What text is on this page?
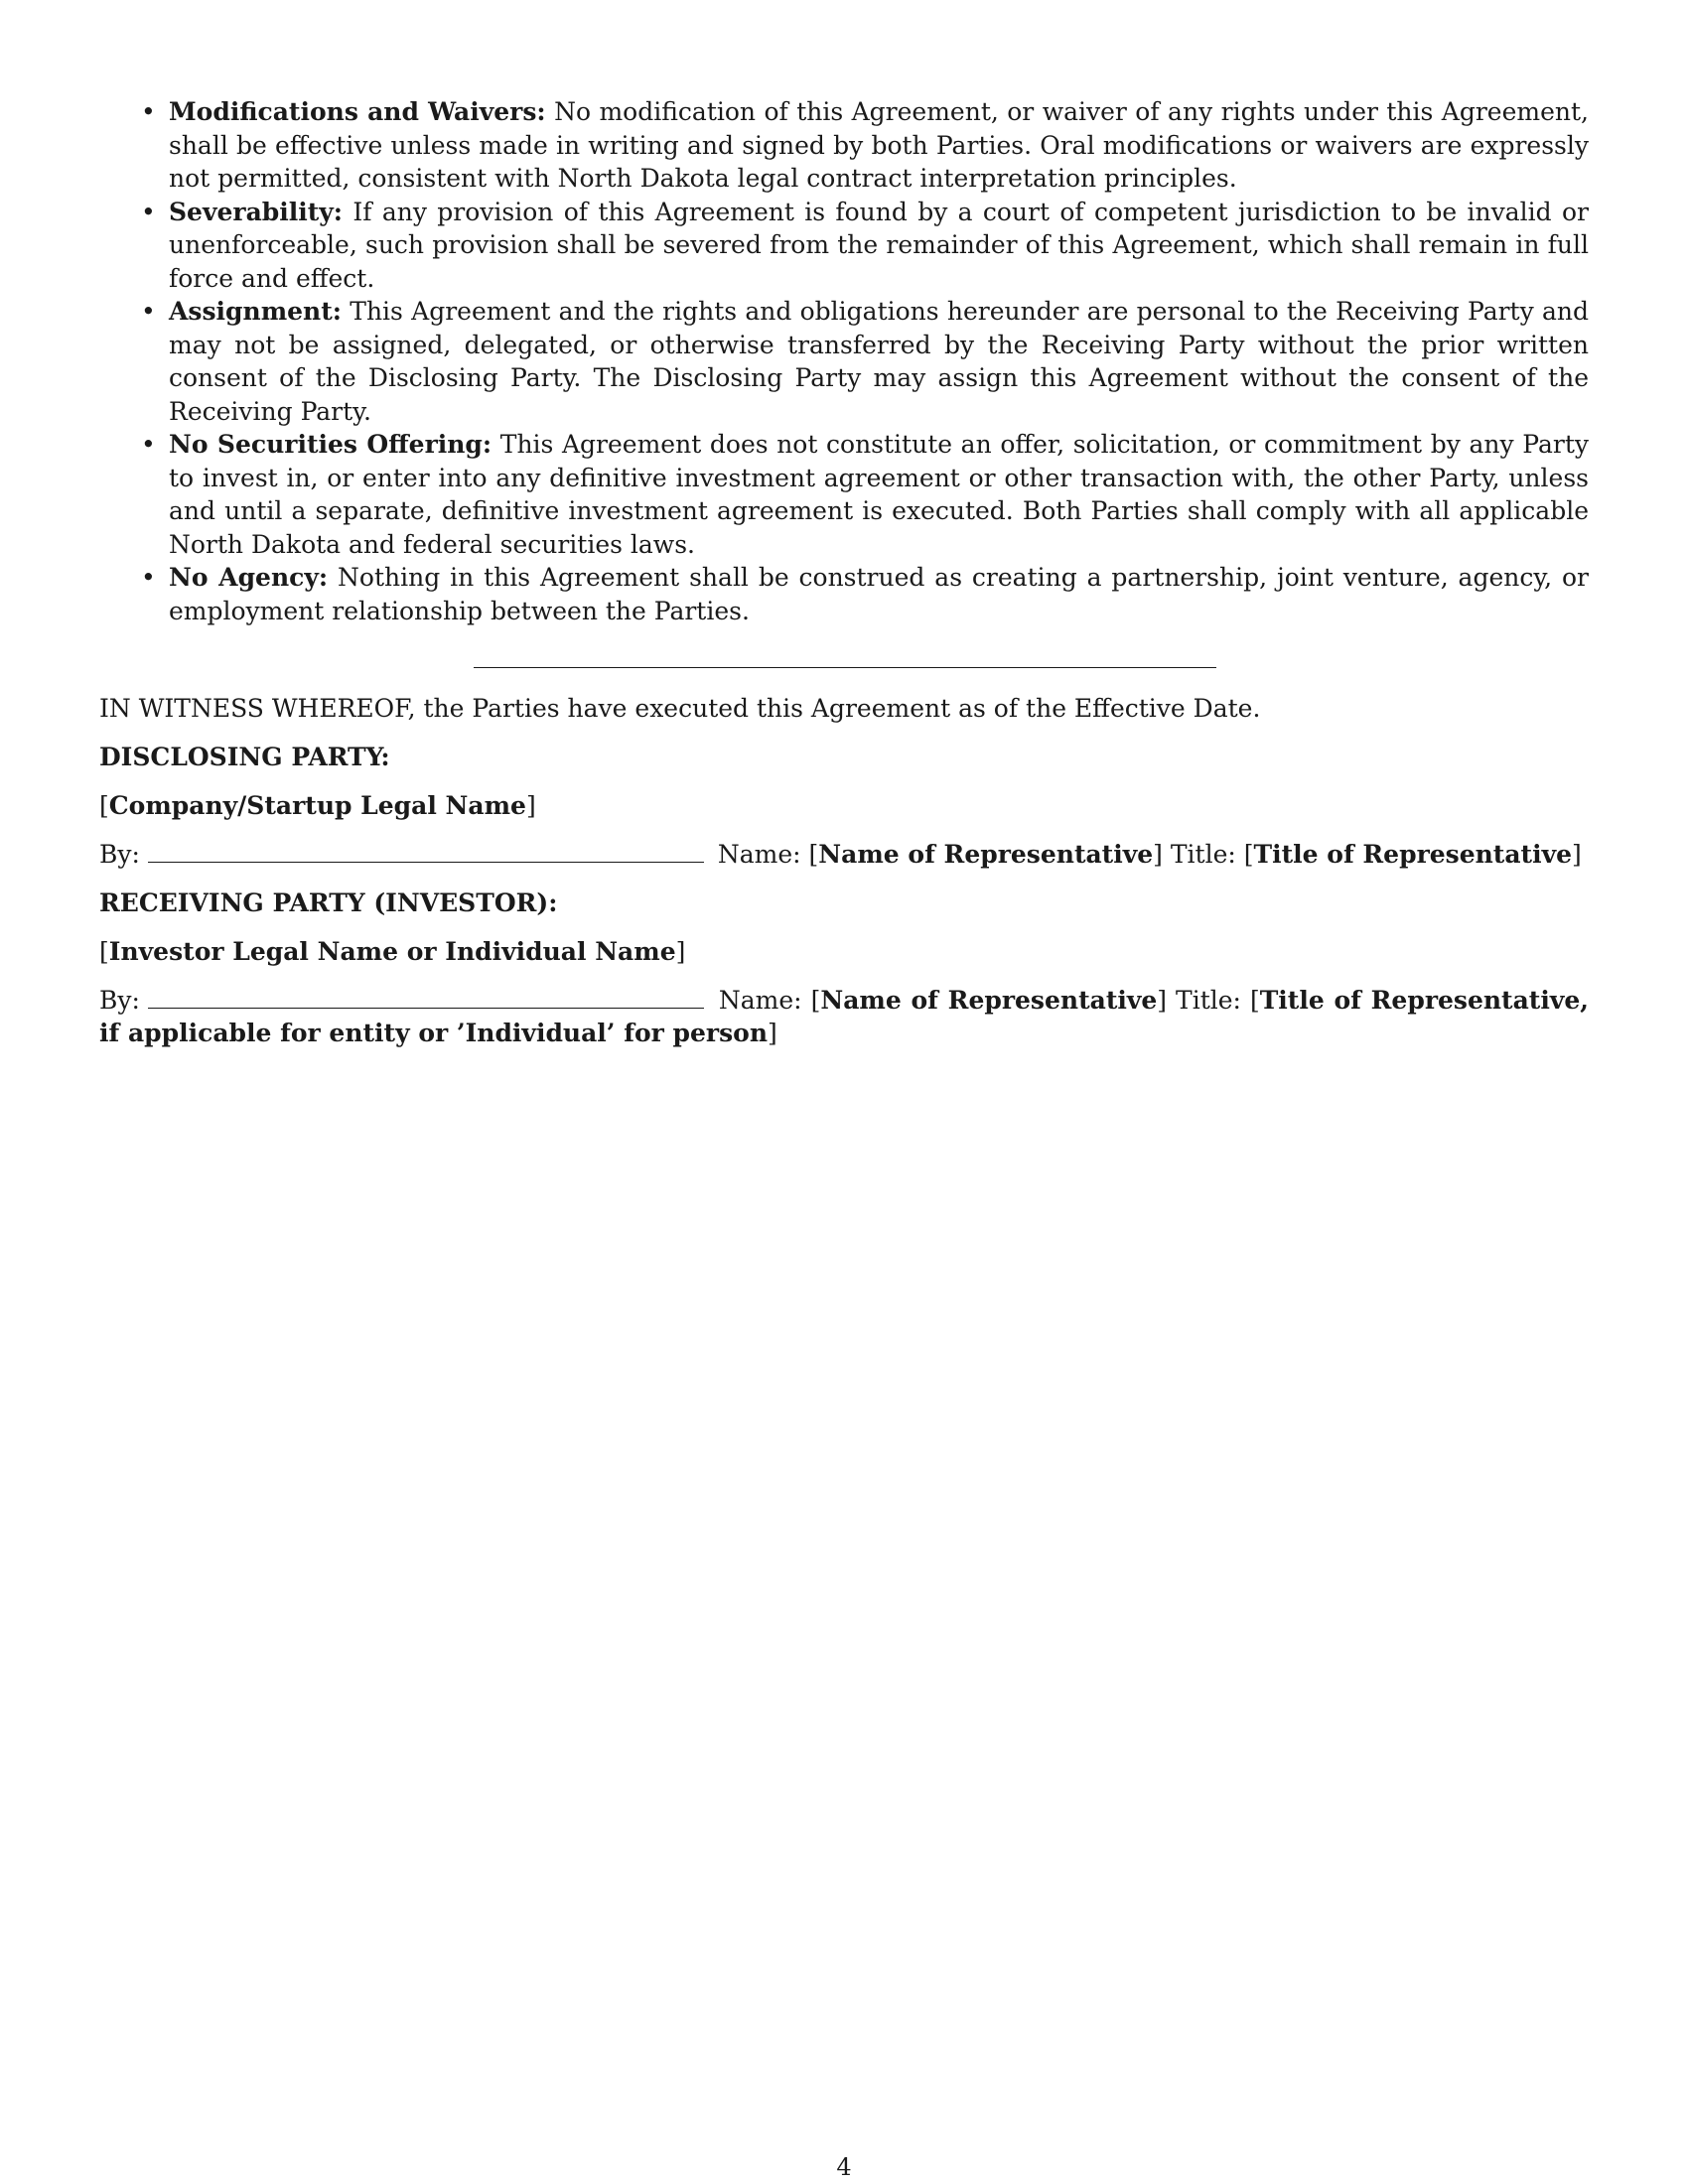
• Modifications and Waivers: No modification of this Agreement, or waiver of any rights under this Agreement, shall be effective unless made in writing and signed by both Parties. Oral modifications or waivers are expressly not permitted, consistent with North Dakota legal contract interpretation principles.
• Severability: If any provision of this Agreement is found by a court of competent jurisdiction to be invalid or unenforceable, such provision shall be severed from the remainder of this Agreement, which shall remain in full force and effect.
• Assignment: This Agreement and the rights and obligations hereunder are personal to the Receiving Party and may not be assigned, delegated, or otherwise transferred by the Receiving Party without the prior written consent of the Disclosing Party. The Disclosing Party may assign this Agreement without the consent of the Receiving Party.
• No Securities Offering: This Agreement does not constitute an offer, solicitation, or commitment by any Party to invest in, or enter into any definitive investment agreement or other transaction with, the other Party, unless and until a separate, definitive investment agreement is executed. Both Parties shall comply with all applicable North Dakota and federal securities laws.
• No Agency: Nothing in this Agreement shall be construed as creating a partnership, joint venture, agency, or employment relationship between the Parties.
IN WITNESS WHEREOF, the Parties have executed this Agreement as of the Effective Date.
DISCLOSING PARTY:
[Company/Startup Legal Name]
By:	Name: [Name of Representative] Title: [Title of Representative]
RECEIVING PARTY (INVESTOR):
[Investor Legal Name or Individual Name]
By:	Name: [Name of Representative] Title: [Title of Representative, if applicable for entity or ’Individual’ for person]
4
